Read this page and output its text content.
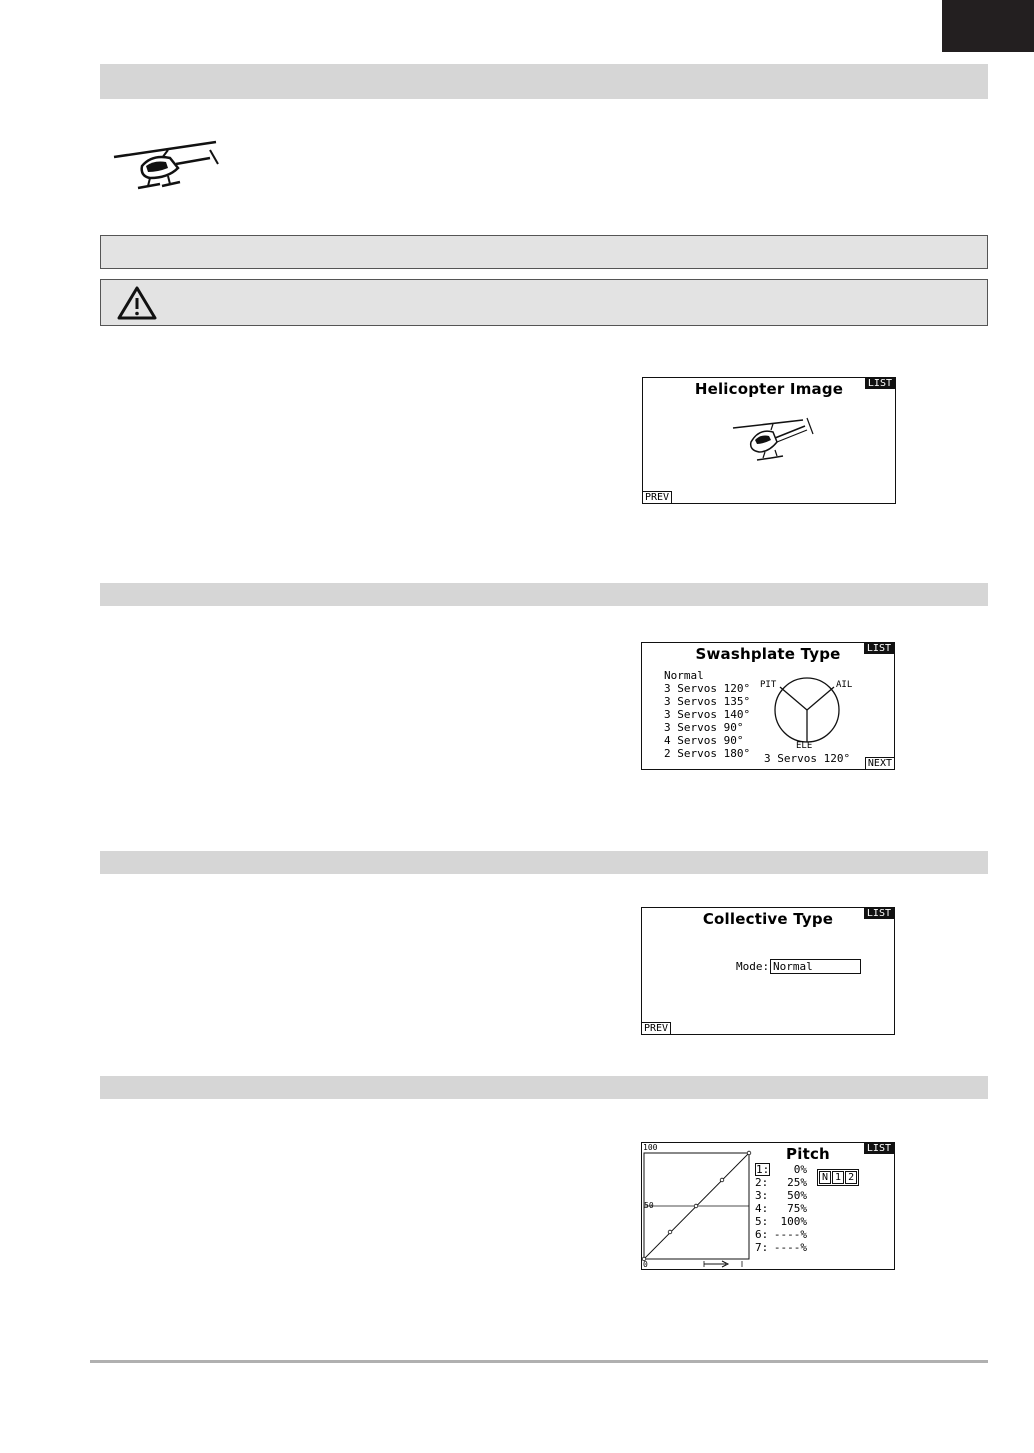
Helicopter Image	LIST
PREV
Swashplate Type	LIST
NEXT
Normal
3 Servos 120°
3 Servos 135°
3 Servos 140°
3 Servos 90°
4 Servos 90°
2 Servos 180°
PIT	AIL
ELE
3 Servos 120°
Collective Type	LIST
PREV
Mode: Normal
Pitch	LIST
100
50
0
1:	0%
2:	25%
3:	50%
4:	75%
5:	100%
6: ----%
7: ----%
N 1 2
